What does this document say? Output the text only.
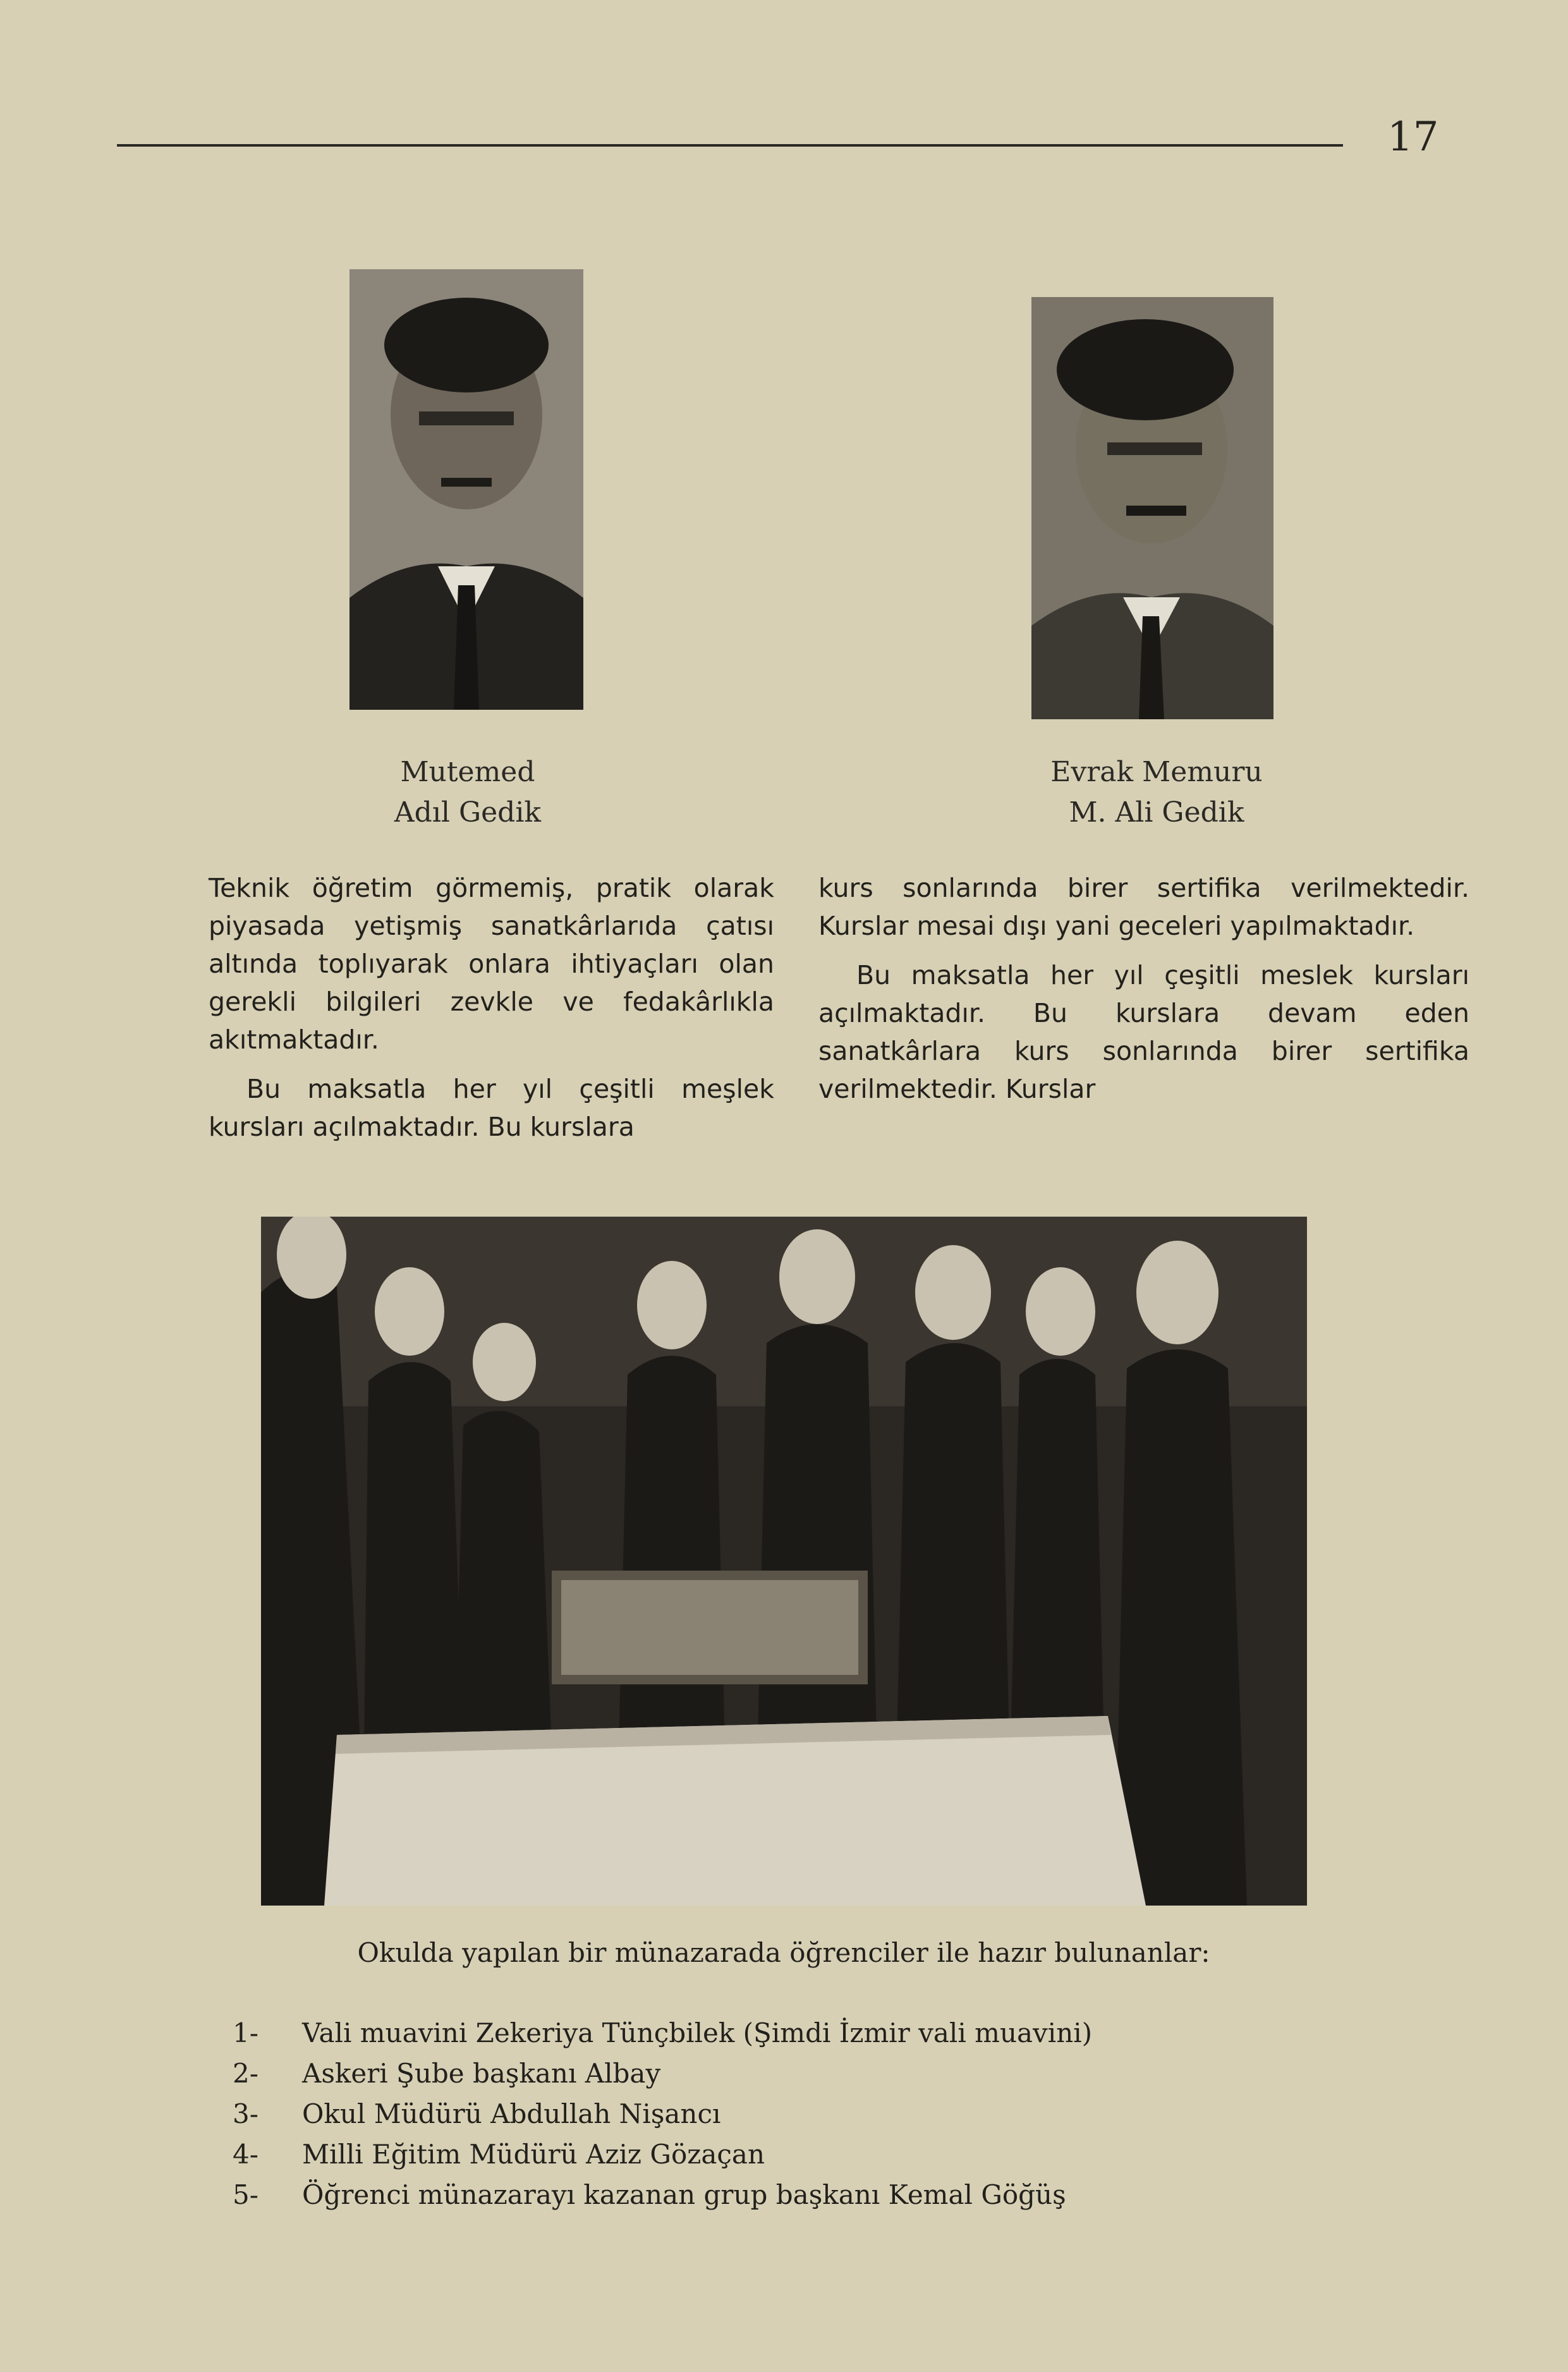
17
Mutemed
Adıl Gedik
Evrak Memuru
M. Ali Gedik

Teknik öğretim görmemiş, pratik olarak piyasada yetişmiş sanatkârlarıda çatısı altında toplıyarak onlara ihtiyaçları olan gerekli bilgileri zevkle ve fedakârlıkla akıtmaktadır.

Bu maksatla her yıl çeşitli meşlek kursları açılmaktadır. Bu kurslara

kurs sonlarında birer sertifika verilmektedir. Kurslar mesai dışı yani geceleri yapılmaktadır.

Bu maksatla her yıl çeşitli meslek kursları açılmaktadır. Bu kurslara devam eden sanatkârlara kurs sonlarında birer sertifika verilmektedir. Kurslar

Okulda yapılan bir münazarada öğrenciler ile hazır bulunanlar:
1-	Vali muavini Zekeriya Tünçbilek (Şimdi İzmir vali muavini)
2-	Askeri Şube başkanı Albay
3-	Okul Müdürü Abdullah Nişancı
4-	Milli Eğitim Müdürü Aziz Gözaçan
5-	Öğrenci münazarayı kazanan grup başkanı Kemal Göğüş
